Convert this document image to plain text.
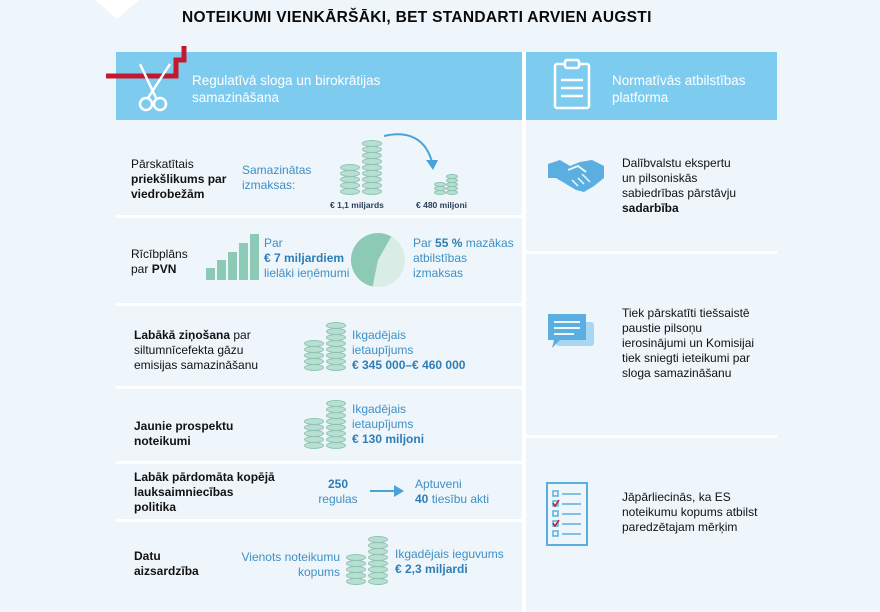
NOTEIKUMI VIENKĀRŠĀKI, BET STANDARTI ARVIEN AUGSTI
Regulatīvā sloga un birokrātijas
samazināšana
Normatīvās atbilstības
platforma
Pārskatītais
priekšlikums par
viedrobežām
Samazinātas
izmaksas:
€ 1,1 miljards	€ 480 miljoni
Rīcībplāns
par PVN
Par
€ 7 miljardiem
lielāki ieņēmumi
Par 55 % mazākas
atbilstības
izmaksas
Labākā ziņošana par
siltumnīcefekta gāzu
emisijas samazināšanu
Ikgadējais
ietaupījums
€ 345 000–€ 460 000
Jaunie prospektu
noteikumi
Ikgadējais
ietaupījums
€ 130 miljoni
Labāk pārdomāta kopējā
lauksaimniecības
politika
250
regulas
Aptuveni
40 tiesību akti
Datu
aizsardzība
Vienots noteikumu
kopums
Ikgadējais ieguvums
€ 2,3 miljardi
Dalībvalstu ekspertu
un pilsoniskās
sabiedrības pārstāvju
sadarbība
Tiek pārskatīti tiešsaistē
paustie pilsoņu
ierosinājumi un Komisijai
tiek sniegti ieteikumi par
sloga samazināšanu
Jāpārliecinās, ka ES
noteikumu kopums atbilst
paredzētajam mērķim
